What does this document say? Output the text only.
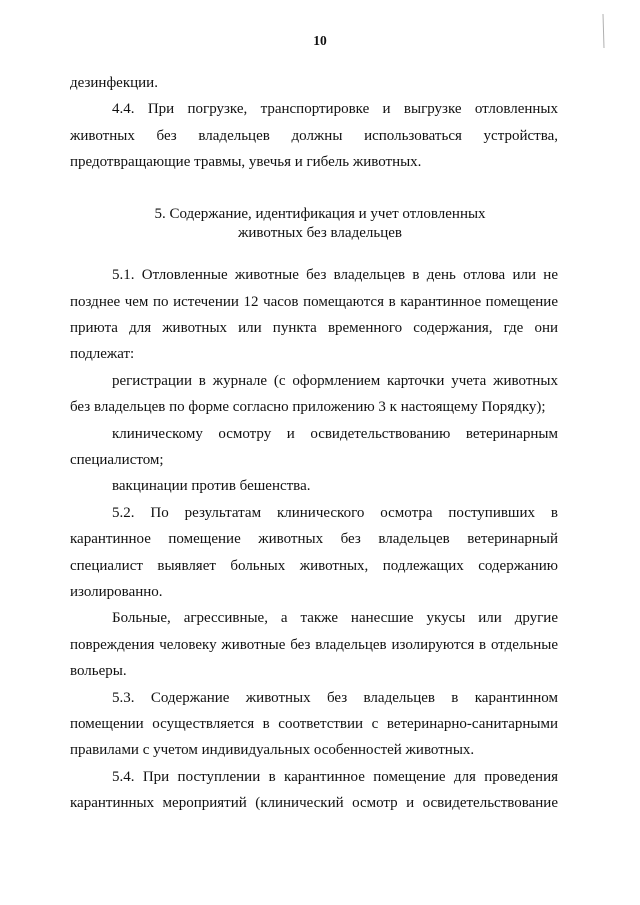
10
дезинфекции.
4.4. При погрузке, транспортировке и выгрузке отловленных
животных без владельцев должны использоваться устройства,
предотвращающие травмы, увечья и гибель животных.
5. Содержание, идентификация и учет отловленных
животных без владельцев
5.1. Отловленные животные без владельцев в день отлова или не
позднее чем по истечении 12 часов помещаются в карантинное помещение
приюта для животных или пункта временного содержания, где они
подлежат:
регистрации в журнале (с оформлением карточки учета животных
без владельцев по форме согласно приложению 3 к настоящему Порядку);
клиническому осмотру и освидетельствованию ветеринарным
специалистом;
вакцинации против бешенства.
5.2. По результатам клинического осмотра поступивших в
карантинное помещение животных без владельцев ветеринарный
специалист выявляет больных животных, подлежащих содержанию
изолированно.
Больные, агрессивные, а также нанесшие укусы или другие
повреждения человеку животные без владельцев изолируются в отдельные
вольеры.
5.3. Содержание животных без владельцев в карантинном
помещении осуществляется в соответствии с ветеринарно-санитарными
правилами с учетом индивидуальных особенностей животных.
5.4. При поступлении в карантинное помещение для проведения
карантинных мероприятий (клинический осмотр и освидетельствование
